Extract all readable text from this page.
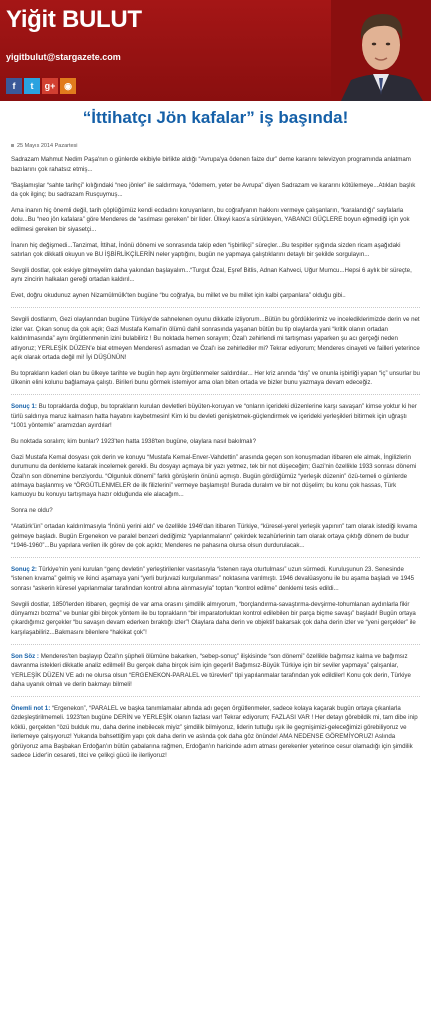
Yiğit BULUT
yigitbulut@stargazete.com
f	t	g+ ◉
“İttihatçı Jön kafalar” iş başında!
25 Mayıs 2014 Pazartesi

Sadrazam Mahmut Nedim Paşa'nın o günlerde ekibiyle birlikte aldığı “Avrupa'ya ödenen faize dur” deme kararını televizyon programında anlatmam bazılarını çok rahatsız etmiş...

“Başlamışlar “sahte tarihçi” kılığındaki “neo jönler” ile saldırmaya, “ödemem, yeter be Avrupa” diyen Sadrazam ve kararını kötülemeye...Atıkları başlık da çok ilginç; bu sadrazam Rusçuymuş...

Ama inanın hiç önemli değil, tarih çöplüğümüz kendi ecdadını koruyanların, bu coğrafyanın hakkını vermeye çalışanların, “karalandığı” sayfalarla dolu...Bu “neo jön kafalara” göre Menderes de “asılması gereken” bir lider. Ülkeyi kaos'a sürükleyen, YABANCI GÜÇLERE boyun eğmediği için yok edilmesi gereken bir siyasetçi...

İnanın hiç değişmedi...Tanzimat, İttihat, İnönü dönemi ve sonrasında takip eden “işbirlikçi” süreçler...Bu tespitler ışığında sizden ricam aşağıdaki satırları çok dikkatli okuyun ve BU İŞBİRLİKÇİLERİN neler yaptığını, bugün ne yapmaya çalıştıklarını detaylı bir şekilde sorgulayın...

Sevgili dostlar, çok eskiye gitmeyelim daha yakından başlayalım...“Turgut Özal, Eşref Bitlis, Adnan Kahveci, Uğur Mumcu...Hepsi 6 aylık bir süreçte, aynı zincirin halkaları gereği ortadan kaldırıl...

Evet, doğru okudunuz aynen Nizamülmülk'ten bugüne “bu coğrafya, bu millet ve bu millet için kalbi çarpanlara” olduğu gibi..

Sevgili dostlarım, Gezi olaylarından bugüne Türkiye'de sahnelenen oyunu dikkatle izliyorum...Bütün bu gördüklerimiz ve incelediklerimizde derin ve net izler var. Çıkan sonuç da çok açık; Gazi Mustafa Kemal'in ölümü dahil sonrasında yaşanan bütün bu tip olaylarda yani “kritik olanın ortadan kaldırılmasında” aynı örgütlenmenin izini bulabiliriz ! Bu noktada hemen sorayım; Özal'ı zehirlendi mi tartışması yaparken şu acı gerçeği neden atlıyoruz; YERLEŞİK DÜZEN'e biat etmeyen Menderes'i asmadan ve Özal'ı ise zehirlediler mi? Tekrar ediyorum; Menderes cinayeti ve failleri yeterince açık olarak ortada değil mi! İyi DÜŞÜNÜN!

Bu toprakların kaderi olan bu ülkeye tarihte ve bugün hep aynı örgütlenmeler saldırdılar... Her kriz anında “dış” ve onunla işbirliği yapan “iç” unsurlar bu ülkenin elini kolunu bağlamaya çalıştı. Birileri bunu görmek istemiyor ama olan biten ortada ve bizler bunu yazmaya devam edeceğiz.

Sonuç 1: Bu topraklarda doğup, bu toprakların kurulan devletleri büyüten-koruyan ve “onların içerideki düzenlerine karşı savaşan” kimse yoktur ki her türlü saldırıya maruz kalmasın hatta hayatını kaybetmesin! Kim ki bu devleti genişletmek-güçlendirmek ve içerideki yerleşikleri bitirmek için uğraştı “1001 yöntemle” aramızdan ayırdılar!

Bu noktada soralım; kim bunlar? 1923'ten hatta 1938'ten bugüne, olaylara nasıl bakılmalı?

Gazi Mustafa Kemal dosyası çok derin ve konuyu “Mustafa Kemal-Enver-Vahdettin” arasında geçen son konuşmadan itibaren ele almak, İngilizlerin durumunu da denkleme katarak incelemek gerekli. Bu dosyayı açmaya bir yazı yetmez, tek bir not düşeceğim; Gazi'nin özellikle 1933 sonrası dönemi Özal'ın son dönemine benziyordu. “Olgunluk dönemi” farklı görüşlerin önünü açmıştı. Bugün gördüğümüz “yerleşik düzenin” özü-temeli o günlerde atılmaya başlanmış ve “ÖRGÜTLENMELER de ilk filizlerini” vermeye başlamıştı! Burada duralım ve bir not düşelim; bu konu çok hassas, Türk kamuoyu bu konuyu tartışmaya hazır olduğunda ele alacağım...

Sonra ne oldu?

“Atatürk'ün” ortadan kaldırılmasıyla “İnönü yerini aldı” ve özellikle 1946'dan itibaren Türkiye, “küresel-yerel yerleşik yapının” tam olarak istediği kıvama gelmeye başladı. Bugün Ergenekon ve paralel benzeri dediğimiz “yapılanmaların” çekirdek tezahürlerinin tam olarak ortaya çıktığı dönem de budur “1946-1960”...Bu yapılara verilen ilk görev de çok açıktı; Menderes ne pahasına olursa olsun durdurulacak...

Sonuç 2: Türkiye'nin yeni kurulan “genç devletin” yerleştirilenler vasıtasıyla “istenen raya oturtulması” uzun sürmedi. Kuruluşunun 23. Senesinde “istenen kıvama” gelmiş ve ikinci aşamaya yani “yerli burjuvazi kurgulanması” noktasına varılmıştı. 1946 devalüasyonu ile bu aşama başladı ve 1945 sonrası “askerin küresel yapılanmalar tarafından kontrol altına alınmasıyla” toptan “kontrol edilme” denklemi tesis edildi...

Sevgili dostlar, 1850'lerden itibaren, geçmişi de var ama orasını şimdilik almıyorum, “borçlandırma-savaştırma-devşirme-tohumlanan aydınlarla fikir dünyamızı bozma” ve bunlar gibi birçok yöntem ile bu toprakların “bir imparatorluktan kontrol edilebilen bir parça biçme savaşı” başladı! Bugün ortaya çıkardığımız gerçekler “bu savaşın devam ederken bıraktığı izler”! Olaylara daha derin ve objektif bakarsak çok daha derin izler ve “yeni gerçekler” ile karşılaşabiliriz...Bakmasını bilenlere “hakikat çok”!

Son Söz : Menderes'ten başlayıp Özal'ın şüpheli ölümüne bakarken, “sebep-sonuç” ilişkisinde “son dönemi” özellikle bağımsız kalma ve bağımsız davranma istekleri dikkatle analiz edilmeli! Bu gerçek daha birçok isim için geçerli! Bağımsız-Büyük Türkiye için bir seviler yapmaya” çalışanlar, YERLEŞİK DÜZEN VE adı ne olursa olsun “ERGENEKON-PARALEL ve türevleri” tipi yapılanmalar tarafından yok edildiler! Konu çok derin, Türkiye daha uyanık olmalı ve derin bakmayı bilmeli!

Önemli not 1: “Ergenekon”, “PARALEL ve başka tanımlamalar altında adı geçen örgütlenmeler, sadece kolaya kaçarak bugün ortaya çıkanlarla özdeşleştirilmemeli. 1923'ten bugüne DERİN ve YERLEŞİK olanın fazlası var! Tekrar ediyorum; FAZLASI VAR ! Her detayı görebildik mi, tam dibe inip köklü, gerçekten “özü bulduk mu, daha derine inebilecek miyiz” şimdilik bilmiyoruz, liderin tuttuğu ışık ile geçmişimizi-geleceğimizi görebiliyoruz ve ilerlemeye çalışıyoruz! Yukarıda bahsettiğim yapı çok daha derin ve aslında çok daha göz önünde! AMA NEDENSE GÖREMİYORUZ! Aslında görüyoruz ama Başbakan Erdoğan'ın bütün çabalarına rağmen, Erdoğan'ın haricinde adım atması gerekenler yeterince cesur olamadığı için şimdilik sadece Lider'in cesareti, titci ve çelikçi gücü ile ilerliyoruz!
